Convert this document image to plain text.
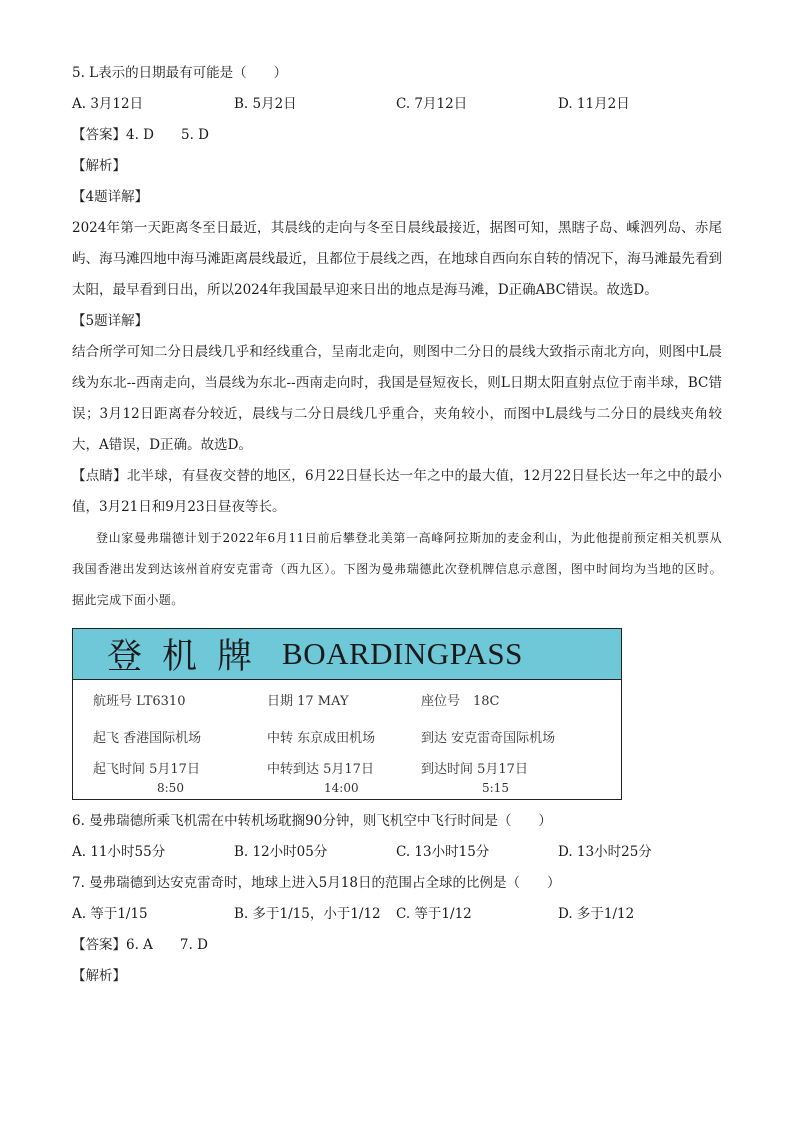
5. L表示的日期最有可能是（　　）
A. 3月12日	B. 5月2日	C. 7月12日	D. 11月2日
【答案】4. D　　5. D
【解析】
【4题详解】
2024年第一天距离冬至日最近，其晨线的走向与冬至日晨线最接近，据图可知，黑瞎子岛、嵊泗列岛、赤尾屿、海马滩四地中海马滩距离晨线最近，且都位于晨线之西，在地球自西向东自转的情况下，海马滩最先看到太阳，最早看到日出，所以2024年我国最早迎来日出的地点是海马滩，D正确ABC错误。故选D。
【5题详解】
结合所学可知二分日晨线几乎和经线重合，呈南北走向，则图中二分日的晨线大致指示南北方向，则图中L晨线为东北--西南走向，当晨线为东北--西南走向时，我国是昼短夜长，则L日期太阳直射点位于南半球，BC错误；3月12日距离春分较近，晨线与二分日晨线几乎重合，夹角较小，而图中L晨线与二分日的晨线夹角较大，A错误，D正确。故选D。
【点睛】北半球，有昼夜交替的地区，6月22日昼长达一年之中的最大值，12月22日昼长达一年之中的最小值，3月21日和9月23日昼夜等长。
登山家曼弗瑞德计划于2022年6月11日前后攀登北美第一高峰阿拉斯加的麦金利山，为此他提前预定相关机票从我国香港出发到达该州首府安克雷奇（西九区）。下图为曼弗瑞德此次登机牌信息示意图，图中时间均为当地的区时。据此完成下面小题。
登机牌 BOARDINGPASS
航班号 LT6310	日期 17 MAY	座位号　18C
起飞 香港国际机场	中转 东京成田机场	到达 安克雷奇国际机场
起飞时间 5月17日	中转到达 5月17日	到达时间 5月17日
8:50	14:00	5:15
6. 曼弗瑞德所乘飞机需在中转机场耽搁90分钟，则飞机空中飞行时间是（　　）
A. 11小时55分	B. 12小时05分	C. 13小时15分	D. 13小时25分
7. 曼弗瑞德到达安克雷奇时，地球上进入5月18日的范围占全球的比例是（　　）
A. 等于1/15	B. 多于1/15，小于1/12	C. 等于1/12	D. 多于1/12
【答案】6. A　　7. D
【解析】
